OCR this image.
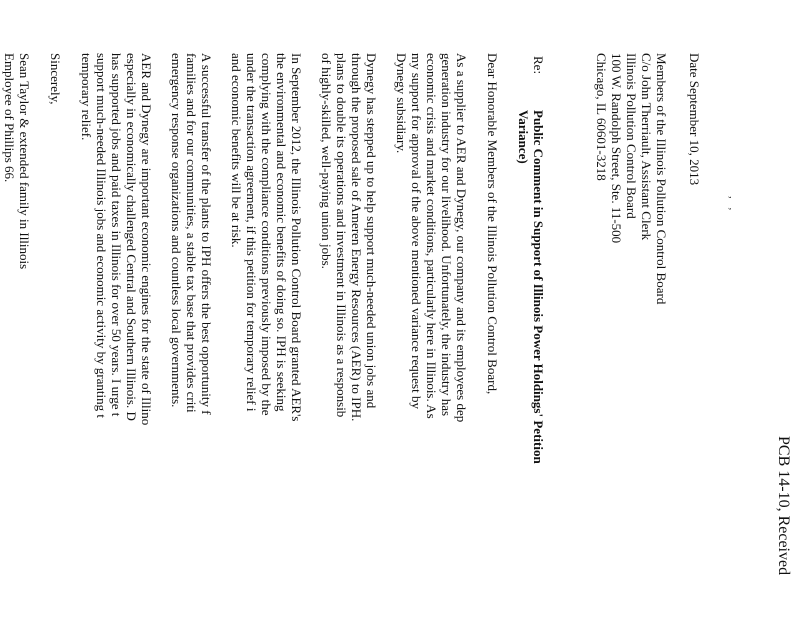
PCB 14-10, Received
, ,
Date September 10, 2013
Members of the Illinois Pollution Control Board
C/o John Therriault, Assistant Clerk
Illinois Pollution Control Board
100 W. Randolph Street, Ste. 11-500
Chicago, IL 60601-3218
Re:
Public Comment in Support of Illinois Power Holdings' Petition
Variance)
Dear Honorable Members of the Illinois Pollution Control Board,
As a supplier to AER and Dynegy, our company and its employees dep
generation industry for our livelihood. Unfortunately, the industry has
economic crisis and market conditions, particularly here in Illinois. As
my support for approval of the above mentioned variance request by
Dynegy subsidiary.
Dynegy has stepped up to help support much-needed union jobs and
through the proposed sale of Ameren Energy Resources (AER) to IPH.
plans to double its operations and investment in Illinois as a responsib
of highly-skilled, well-paying union jobs.
In September 2012, the Illinois Pollution Control Board granted AER's
the environmental and economic benefits of doing so. IPH is seeking
complying with the compliance conditions previously imposed by the
under the transaction agreement, if this petition for temporary relief i
and economic benefits will be at risk.
A successful transfer of the plants to IPH offers the best opportunity f
families and for our communities, a stable tax base that provides criti
emergency response organizations and countless local governments.
AER and Dynegy are important economic engines for the state of Illino
especially in economically challenged Central and Southern Illinois. D
has supported jobs and paid taxes in Illinois for over 50 years. I urge t
support much-needed Illinois jobs and economic activity by granting t
temporary relief.
Sincerely,
Sean Taylor & extended family in Illinois
Employee of Phillips 66.
